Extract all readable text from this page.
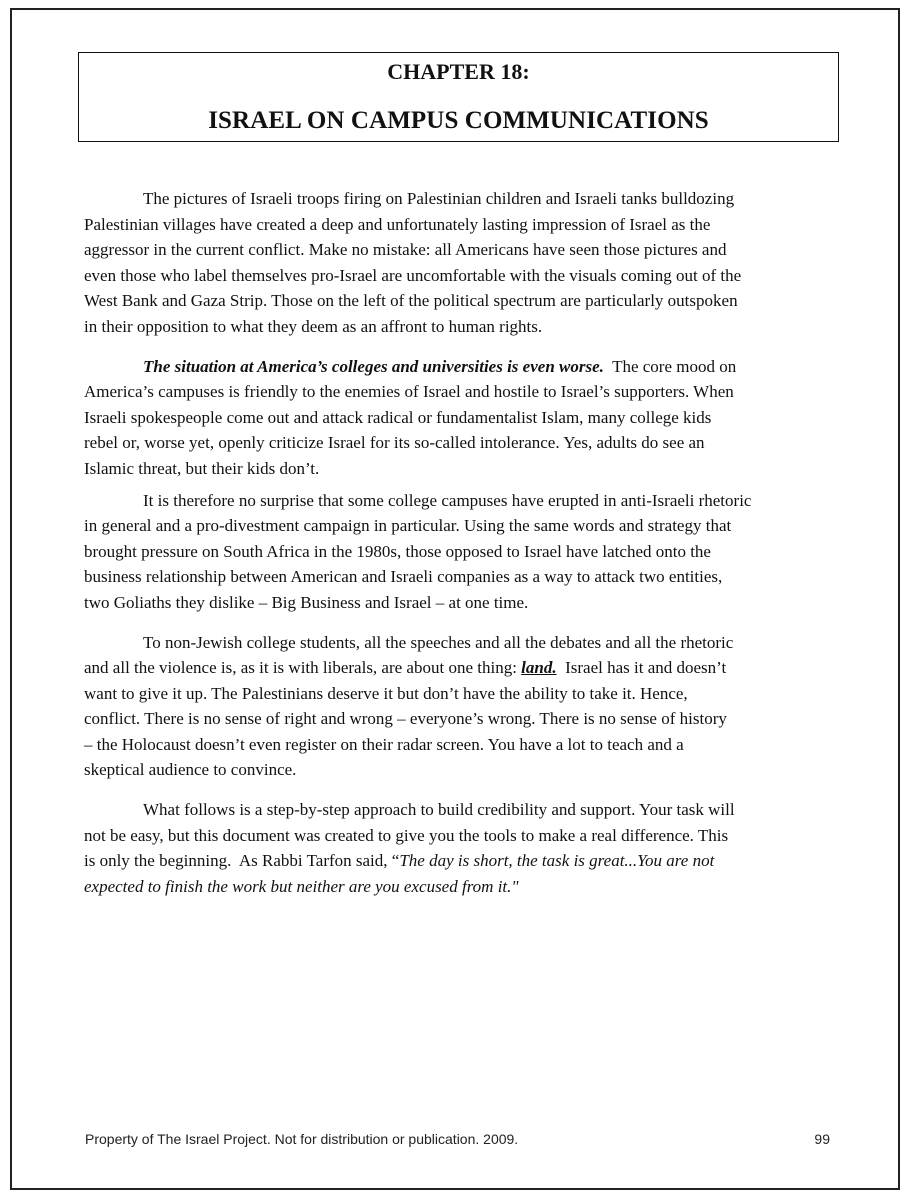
CHAPTER 18:
ISRAEL ON CAMPUS COMMUNICATIONS
The pictures of Israeli troops firing on Palestinian children and Israeli tanks bulldozing
Palestinian villages have created a deep and unfortunately lasting impression of Israel as the
aggressor in the current conflict. Make no mistake: all Americans have seen those pictures and
even those who label themselves pro-Israel are uncomfortable with the visuals coming out of the
West Bank and Gaza Strip. Those on the left of the political spectrum are particularly outspoken
in their opposition to what they deem as an affront to human rights.
The situation at America’s colleges and universities is even worse.  The core mood on
America’s campuses is friendly to the enemies of Israel and hostile to Israel’s supporters. When
Israeli spokespeople come out and attack radical or fundamentalist Islam, many college kids
rebel or, worse yet, openly criticize Israel for its so-called intolerance. Yes, adults do see an
Islamic threat, but their kids don’t.
It is therefore no surprise that some college campuses have erupted in anti-Israeli rhetoric
in general and a pro-divestment campaign in particular. Using the same words and strategy that
brought pressure on South Africa in the 1980s, those opposed to Israel have latched onto the
business relationship between American and Israeli companies as a way to attack two entities,
two Goliaths they dislike – Big Business and Israel – at one time.
To non-Jewish college students, all the speeches and all the debates and all the rhetoric
and all the violence is, as it is with liberals, are about one thing: land.  Israel has it and doesn’t
want to give it up. The Palestinians deserve it but don’t have the ability to take it. Hence,
conflict. There is no sense of right and wrong – everyone’s wrong. There is no sense of history
– the Holocaust doesn’t even register on their radar screen. You have a lot to teach and a
skeptical audience to convince.
What follows is a step-by-step approach to build credibility and support. Your task will
not be easy, but this document was created to give you the tools to make a real difference. This
is only the beginning.  As Rabbi Tarfon said, “The day is short, the task is great...You are not
expected to finish the work but neither are you excused from it."
Property of The Israel Project. Not for distribution or publication. 2009.	99
